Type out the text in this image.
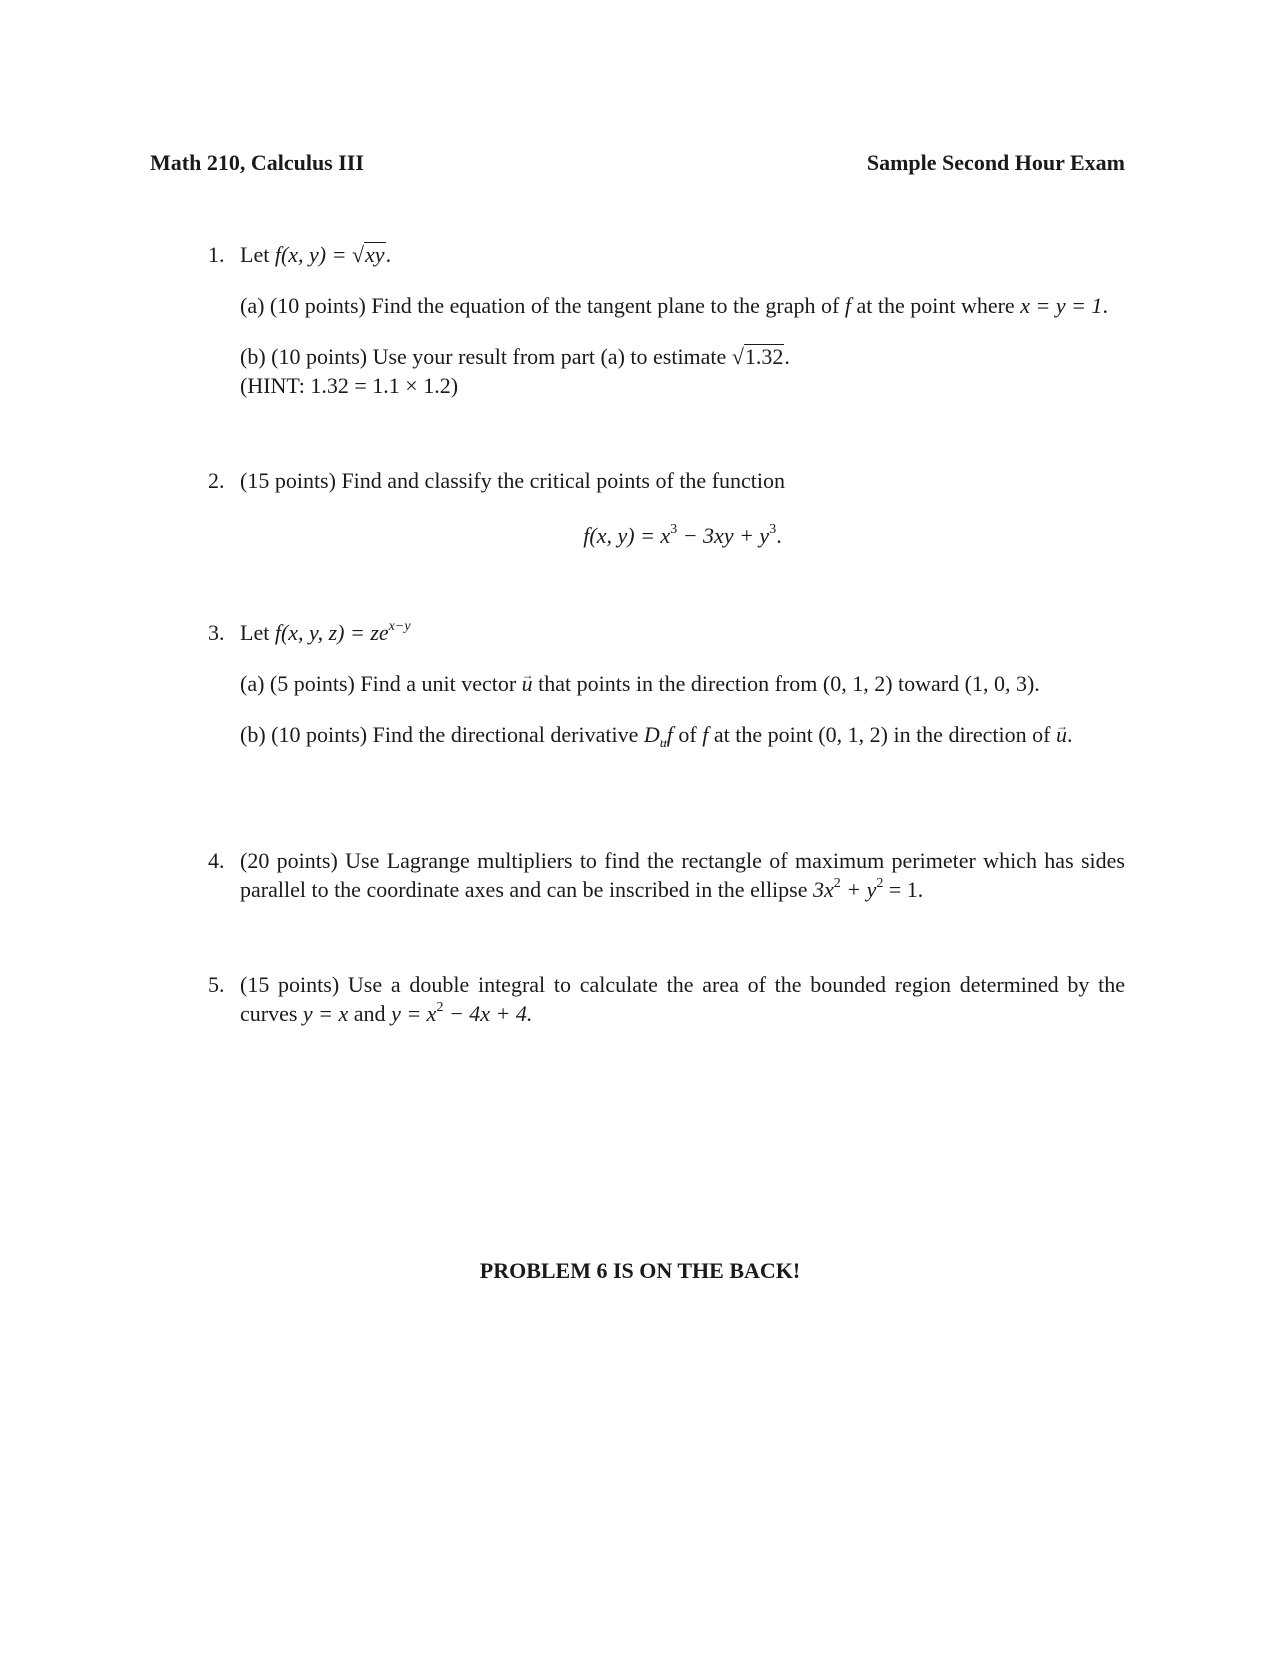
Math 210, Calculus III	Sample Second Hour Exam
1. Let f(x, y) = √xy.
(a) (10 points) Find the equation of the tangent plane to the graph of f at the point where x = y = 1.
(b) (10 points) Use your result from part (a) to estimate √1.32.
(HINT: 1.32 = 1.1 × 1.2)
2. (15 points) Find and classify the critical points of the function
f(x, $y) = x^3 - 3xy + y^3$.
3. Let f(x, y, $z) = ze^{x-y}$
(a) (5 points) Find a unit vector → u that points in the direction from (0, 1, 2) toward (1, 0, 3).
(b) (10 points) Find the directional derivative D→ $_u$f of f at the point (0, 1, 2) in the direction of → u.
4. (20 points) Use Lagrange multipliers to find the rectangle of maximum perimeter which has sides parallel to the coordinate axes and can be inscribed in the ellipse $3x^2 + y^2 = 1$.
5. (15 points) Use a double integral to calculate the area of the bounded region determined by the curves y = x and $y = x^2 - 4x + 4$.
PROBLEM 6 IS ON THE BACK!
